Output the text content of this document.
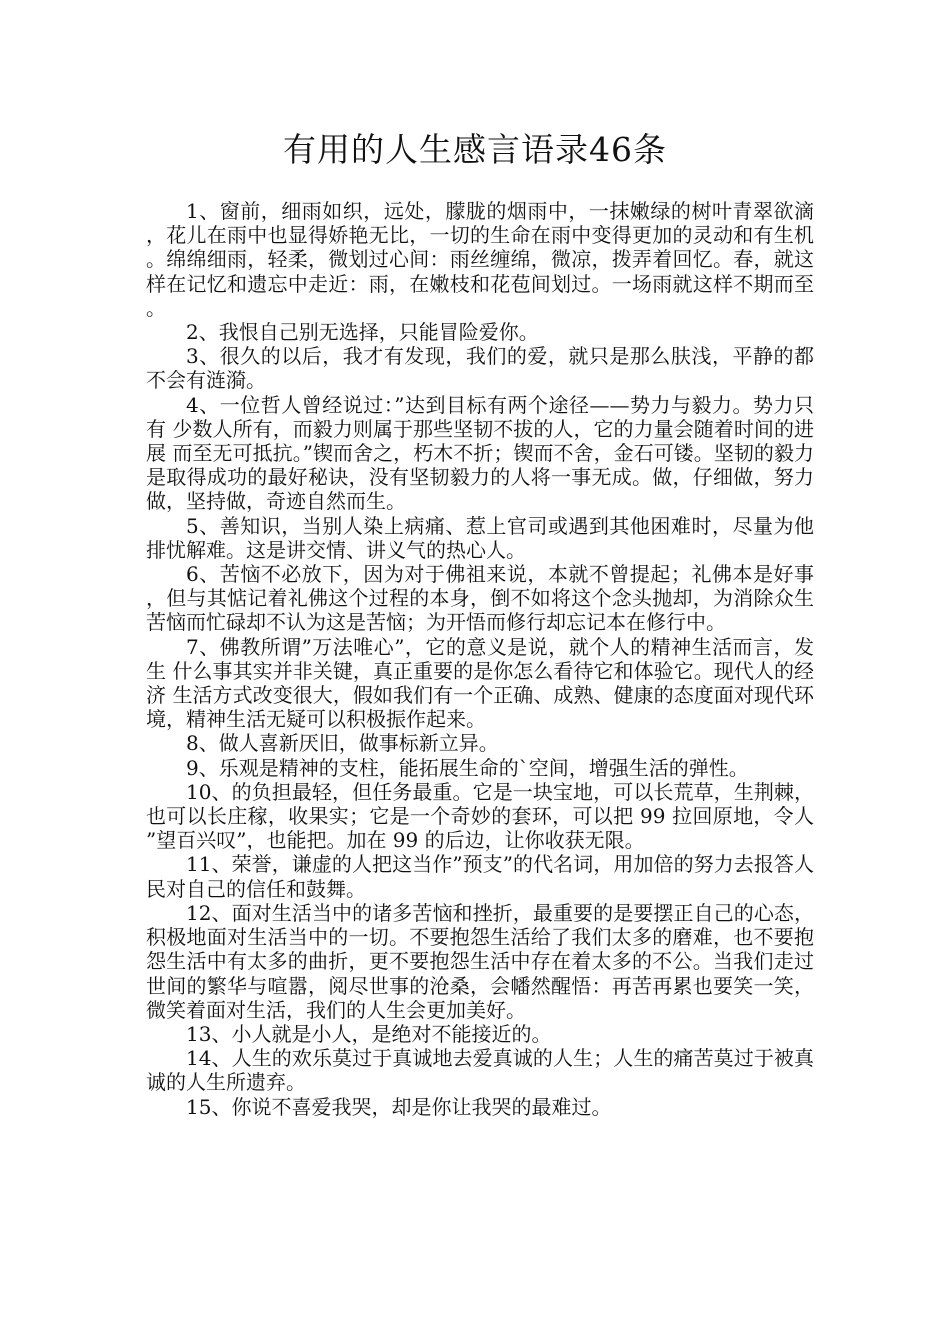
有用的人生感言语录46条

1、窗前，细雨如织，远处，朦胧的烟雨中，一抹嫩绿的树叶青翠欲滴，花儿在雨中也显得娇艳无比，一切的生命在雨中变得更加的灵动和有生机。绵绵细雨，轻柔，微划过心间：雨丝缠绵，微凉，拨弄着回忆。春，就这样在记忆和遗忘中走近：雨，在嫩枝和花苞间划过。一场雨就这样不期而至。

2、我恨自己别无选择，只能冒险爱你。

3、很久的以后，我才有发现，我们的爱，就只是那么肤浅，平静的都不会有涟漪。

4、一位哲人曾经说过：”达到目标有两个途径——势力与毅力。势力只有 少数人所有，而毅力则属于那些坚韧不拔的人，它的力量会随着时间的进展 而至无可抵抗。”锲而舍之，朽木不折；锲而不舍，金石可镂。坚韧的毅力 是取得成功的最好秘诀，没有坚韧毅力的人将一事无成。做，仔细做，努力 做，坚持做，奇迹自然而生。

5、善知识，当别人染上病痛、惹上官司或遇到其他困难时，尽量为他排忧解难。这是讲交情、讲义气的热心人。

6、苦恼不必放下，因为对于佛祖来说，本就不曾提起；礼佛本是好事，但与其惦记着礼佛这个过程的本身，倒不如将这个念头抛却，为消除众生苦恼而忙碌却不认为这是苦恼；为开悟而修行却忘记本在修行中。

7、佛教所谓”万法唯心”，它的意义是说，就个人的精神生活而言，发生 什么事其实并非关键，真正重要的是你怎么看待它和体验它。现代人的经济 生活方式改变很大，假如我们有一个正确、成熟、健康的态度面对现代环 境，精神生活无疑可以积极振作起来。

8、做人喜新厌旧，做事标新立异。

9、乐观是精神的支柱，能拓展生命的`空间，增强生活的弹性。

10、的负担最轻，但任务最重。它是一块宝地，可以长荒草，生荆棘，也可以长庄稼，收果实；它是一个奇妙的套环，可以把 99 拉回原地，令人”望百兴叹”，也能把。加在 99 的后边，让你收获无限。

11、荣誉，谦虚的人把这当作”预支”的代名词，用加倍的努力去报答人民对自己的信任和鼓舞。

12、面对生活当中的诸多苦恼和挫折，最重要的是要摆正自己的心态，积极地面对生活当中的一切。不要抱怨生活给了我们太多的磨难，也不要抱怨生活中有太多的曲折，更不要抱怨生活中存在着太多的不公。当我们走过世间的繁华与喧嚣，阅尽世事的沧桑，会幡然醒悟：再苦再累也要笑一笑，微笑着面对生活，我们的人生会更加美好。

13、小人就是小人，是绝对不能接近的。

14、人生的欢乐莫过于真诚地去爱真诚的人生；人生的痛苦莫过于被真诚的人生所遗弃。

15、你说不喜爱我哭，却是你让我哭的最难过。
